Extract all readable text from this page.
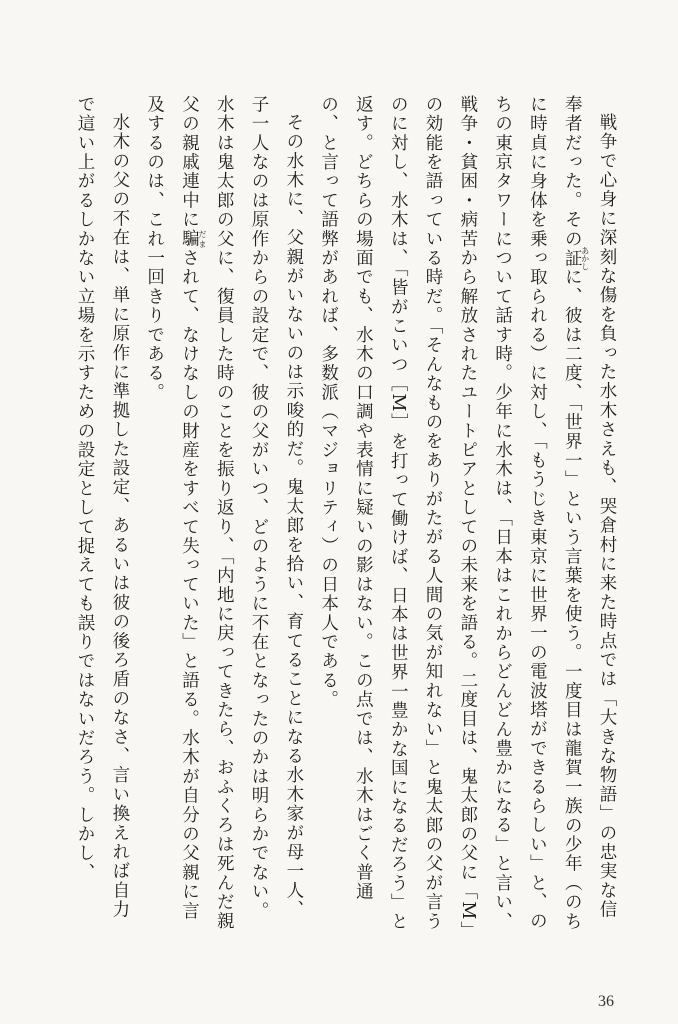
戦争で心身に深刻な傷を負った水木さえも、哭倉村に来た時点では「大きな物語」の忠実な信奉者だった。その証あかしに、彼は二度、「世界一」という言葉を使う。一度目は龍賀一族の少年（のちに時貞に身体を乗っ取られる）に対し、「もうじき東京に世界一の電波塔ができるらしい」と、のちの東京タワーについて話す時。少年に水木は、「日本はこれからどんどん豊かになる」と言い、戦争・貧困・病苦から解放されたユートピアとしての未来を語る。二度目は、鬼太郎の父に「M」の効能を語っている時だ。「そんなものをありがたがる人間の気が知れない」と鬼太郎の父が言うのに対し、水木は、「皆がこいつ［M］を打って働けば、日本は世界一豊かな国になるだろう」と返す。どちらの場面でも、水木の口調や表情に疑いの影はない。この点では、水木はごく普通の、と言って語弊があれば、多数派（マジョリティ）の日本人である。

その水木に、父親がいないのは示唆的だ。鬼太郎を拾い、育てることになる水木家が母一人、子一人なのは原作からの設定で、彼の父がいつ、どのように不在となったのかは明らかでない。水木は鬼太郎の父に、復員した時のことを振り返り、「内地に戻ってきたら、おふくろは死んだ親父の親戚連中に騙だまされて、なけなしの財産をすべて失っていた」と語る。水木が自分の父親に言及するのは、これ一回きりである。

水木の父の不在は、単に原作に準拠した設定、あるいは彼の後ろ盾のなさ、言い換えれば自力で這い上がるしかない立場を示すための設定として捉えても誤りではないだろう。しかし、

36
